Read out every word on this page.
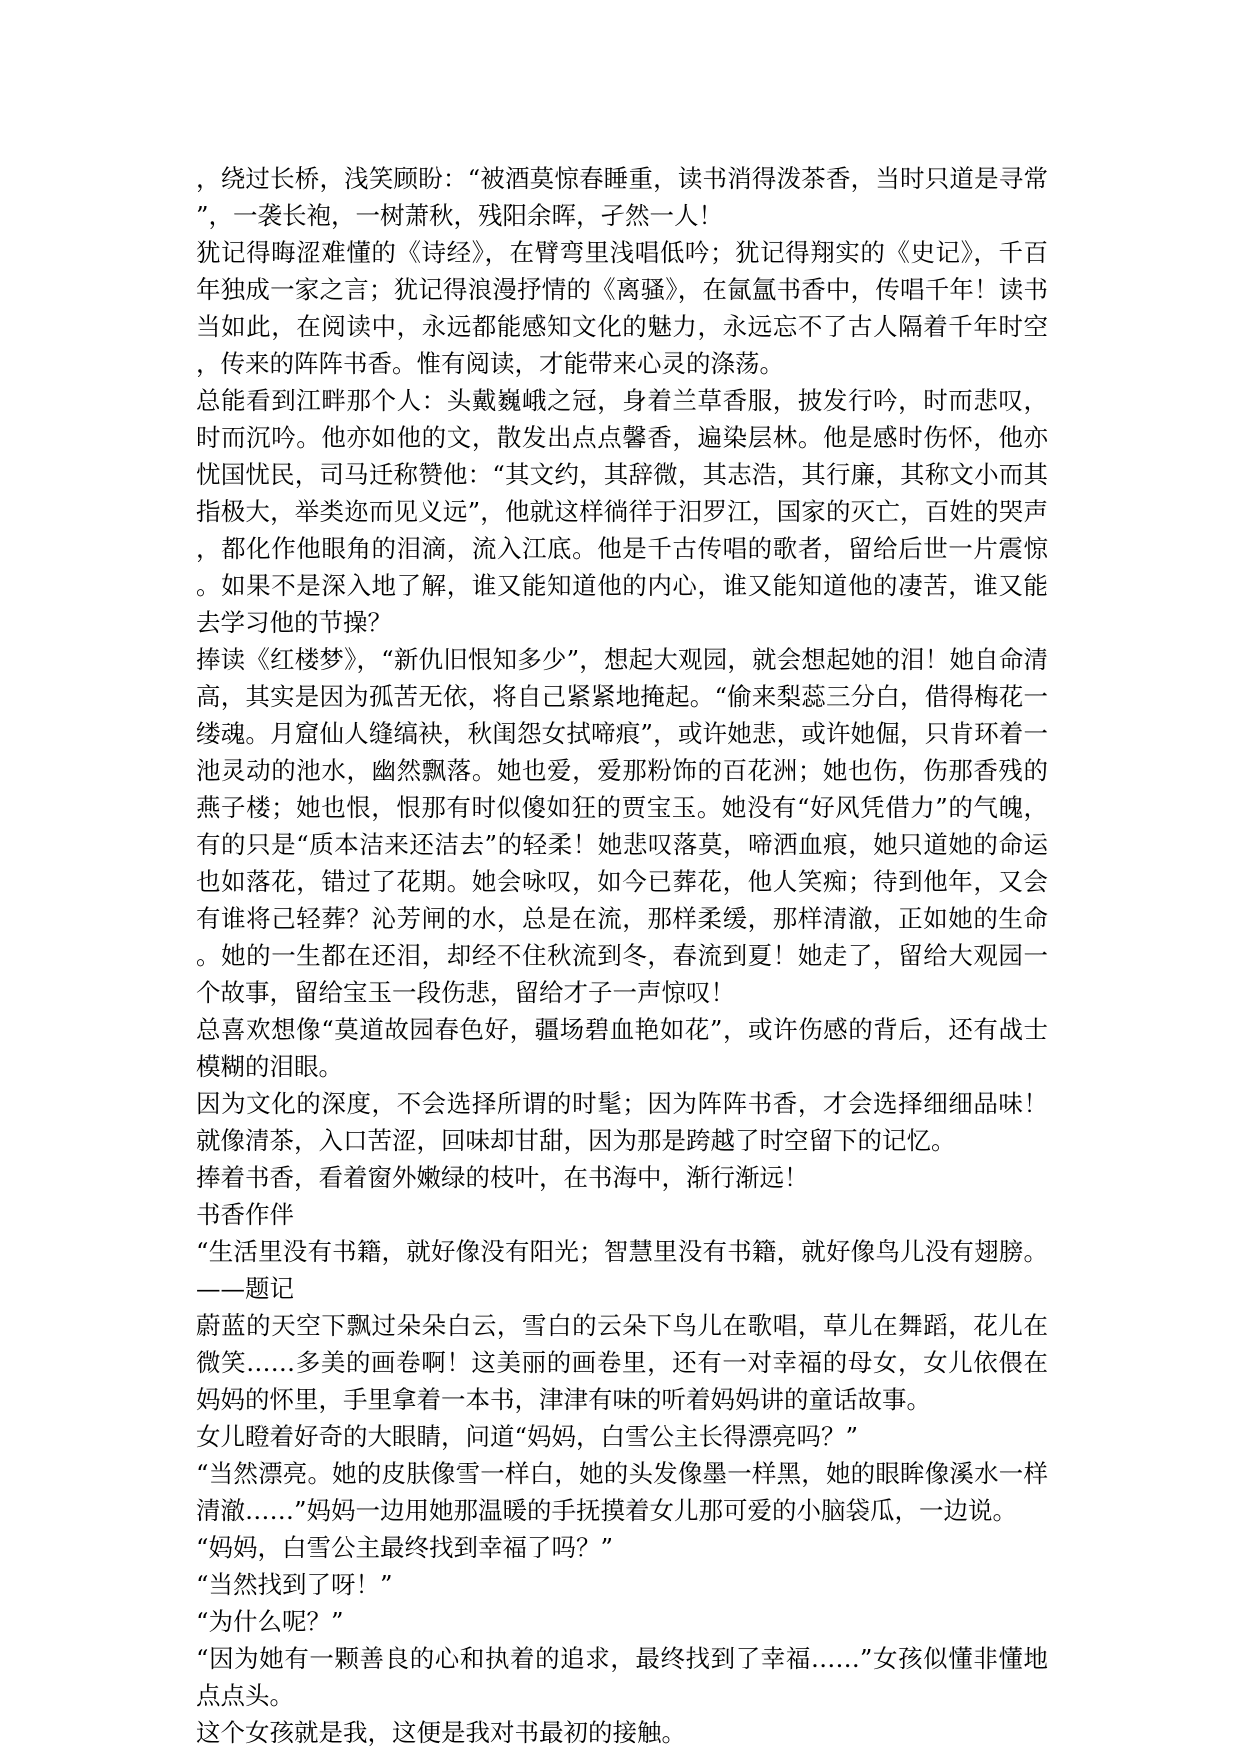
，绕过长桥，浅笑顾盼：“被酒莫惊春睡重，读书消得泼茶香，当时只道是寻常”，一袭长袍，一树萧秋，残阳余晖，孑然一人！

犹记得晦涩难懂的《诗经》，在臂弯里浅唱低吟；犹记得翔实的《史记》，千百年独成一家之言；犹记得浪漫抒情的《离骚》，在氤氲书香中，传唱千年！读书当如此，在阅读中，永远都能感知文化的魅力，永远忘不了古人隔着千年时空，传来的阵阵书香。惟有阅读，才能带来心灵的涤荡。

总能看到江畔那个人：头戴巍峨之冠，身着兰草香服，披发行吟，时而悲叹，时而沉吟。他亦如他的文，散发出点点馨香，遍染层林。他是感时伤怀，他亦忧国忧民，司马迁称赞他：“其文约，其辞微，其志浩，其行廉，其称文小而其指极大，举类迩而见义远”，他就这样徜徉于汨罗江，国家的灭亡，百姓的哭声，都化作他眼角的泪滴，流入江底。他是千古传唱的歌者，留给后世一片震惊。如果不是深入地了解，谁又能知道他的内心，谁又能知道他的凄苦，谁又能去学习他的节操？

捧读《红楼梦》，“新仇旧恨知多少”，想起大观园，就会想起她的泪！她自命清高，其实是因为孤苦无依，将自己紧紧地掩起。“偷来梨蕊三分白，借得梅花一缕魂。月窟仙人缝缟袂，秋闺怨女拭啼痕”，或许她悲，或许她倔，只肯环着一池灵动的池水，幽然飘落。她也爱，爱那粉饰的百花洲；她也伤，伤那香残的燕子楼；她也恨，恨那有时似傻如狂的贾宝玉。她没有“好风凭借力”的气魄，有的只是“质本洁来还洁去”的轻柔！她悲叹落莫，啼洒血痕，她只道她的命运也如落花，错过了花期。她会咏叹，如今已葬花，他人笑痴；待到他年，又会有谁将己轻葬？沁芳闸的水，总是在流，那样柔缓，那样清澈，正如她的生命。她的一生都在还泪，却经不住秋流到冬，春流到夏！她走了，留给大观园一个故事，留给宝玉一段伤悲，留给才子一声惊叹！

总喜欢想像“莫道故园春色好，疆场碧血艳如花”，或许伤感的背后，还有战士模糊的泪眼。

因为文化的深度，不会选择所谓的时髦；因为阵阵书香，才会选择细细品味！就像清茶，入口苦涩，回味却甘甜，因为那是跨越了时空留下的记忆。

捧着书香，看着窗外嫩绿的枝叶，在书海中，渐行渐远！

书香作伴

“生活里没有书籍，就好像没有阳光；智慧里没有书籍，就好像鸟儿没有翅膀。——题记

蔚蓝的天空下飘过朵朵白云，雪白的云朵下鸟儿在歌唱，草儿在舞蹈，花儿在微笑……多美的画卷啊！这美丽的画卷里，还有一对幸福的母女，女儿依偎在妈妈的怀里，手里拿着一本书，津津有味的听着妈妈讲的童话故事。

女儿瞪着好奇的大眼睛，问道“妈妈，白雪公主长得漂亮吗？”

“当然漂亮。她的皮肤像雪一样白，她的头发像墨一样黑，她的眼眸像溪水一样清澈……”妈妈一边用她那温暖的手抚摸着女儿那可爱的小脑袋瓜，一边说。

“妈妈，白雪公主最终找到幸福了吗？”

“当然找到了呀！”

“为什么呢？”

“因为她有一颗善良的心和执着的追求，最终找到了幸福……”女孩似懂非懂地点点头。

这个女孩就是我，这便是我对书最初的接触。
